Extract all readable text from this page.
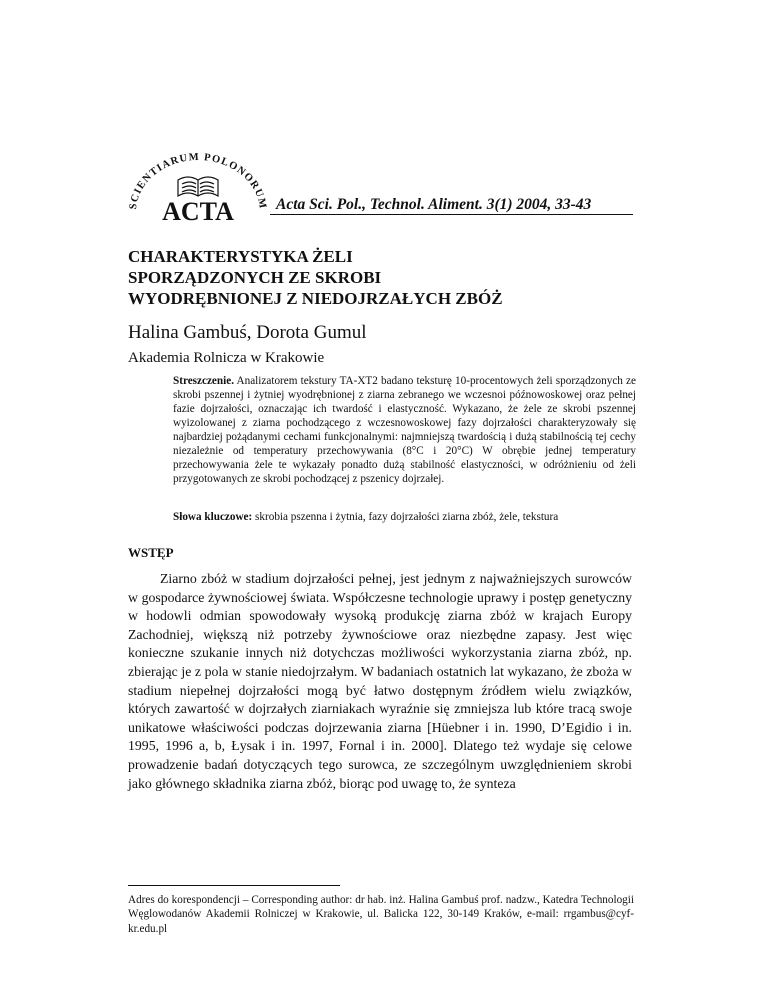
SCIENTIARUM POLONORUM
ACTA	Acta Sci. Pol., Technol. Aliment. 3(1) 2004, 33-43
CHARAKTERYSTYKA ŻELI
SPORZĄDZONYCH ZE SKROBI
WYODRĘBNIONEJ Z NIEDOJRZAŁYCH ZBÓŻ
Halina Gambuś, Dorota Gumul
Akademia Rolnicza w Krakowie
Streszczenie. Analizatorem tekstury TA-XT2 badano teksturę 10-procentowych żeli sporządzonych ze skrobi pszennej i żytniej wyodrębnionej z ziarna zebranego we wczesnoi późnowoskowej oraz pełnej fazie dojrzałości, oznaczając ich twardość i elastyczność. Wykazano, że żele ze skrobi pszennej wyizolowanej z ziarna pochodzącego z wczesnowoskowej fazy dojrzałości charakteryzowały się najbardziej pożądanymi cechami funkcjonalnymi: najmniejszą twardością i dużą stabilnością tej cechy niezależnie od temperatury przechowywania (8°C i 20°C) W obrębie jednej temperatury przechowywania żele te wykazały ponadto dużą stabilność elastyczności, w odróżnieniu od żeli przygotowanych ze skrobi pochodzącej z pszenicy dojrzałej.
Słowa kluczowe: skrobia pszenna i żytnia, fazy dojrzałości ziarna zbóż, żele, tekstura
WSTĘP
Ziarno zbóż w stadium dojrzałości pełnej, jest jednym z najważniejszych surowców w gospodarce żywnościowej świata. Współczesne technologie uprawy i postęp genetyczny w hodowli odmian spowodowały wysoką produkcję ziarna zbóż w krajach Europy Zachodniej, większą niż potrzeby żywnościowe oraz niezbędne zapasy. Jest więc konieczne szukanie innych niż dotychczas możliwości wykorzystania ziarna zbóż, np. zbierając je z pola w stanie niedojrzałym. W badaniach ostatnich lat wykazano, że zboża w stadium niepełnej dojrzałości mogą być łatwo dostępnym źródłem wielu związków, których zawartość w dojrzałych ziarniakach wyraźnie się zmniejsza lub które tracą swoje unikatowe właściwości podczas dojrzewania ziarna [Hüebner i in. 1990, D’Egidio i in. 1995, 1996 a, b, Łysak i in. 1997, Fornal i in. 2000]. Dlatego też wydaje się celowe prowadzenie badań dotyczących tego surowca, ze szczególnym uwzględnieniem skrobi jako głównego składnika ziarna zbóż, biorąc pod uwagę to, że synteza
Adres do korespondencji – Corresponding author: dr hab. inż. Halina Gambuś prof. nadzw., Katedra Technologii Węglowodanów Akademii Rolniczej w Krakowie, ul. Balicka 122, 30-149 Kraków, e-mail: rrgambus@cyf-kr.edu.pl
